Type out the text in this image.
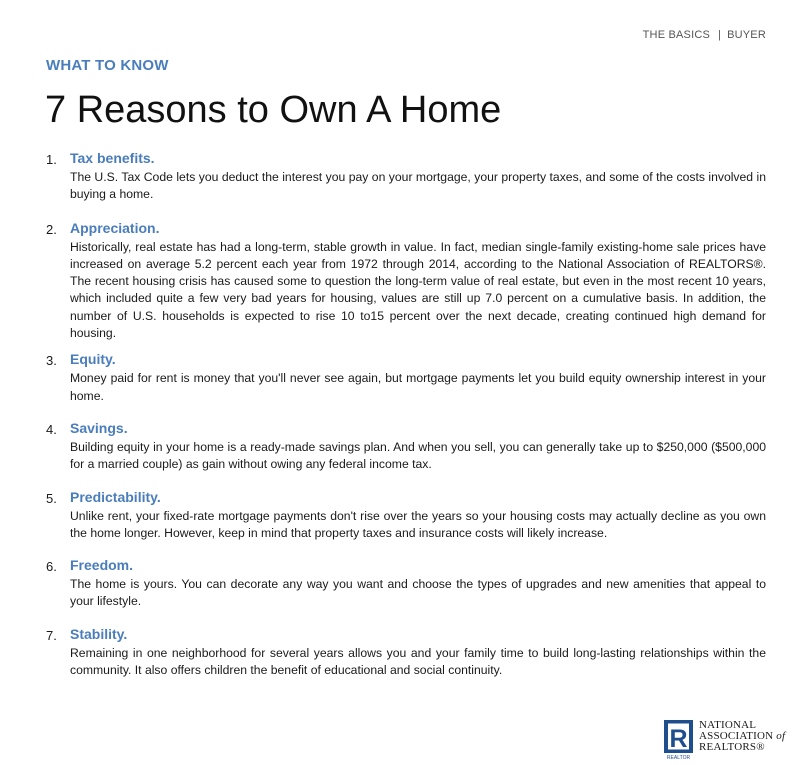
THE BASICS | BUYER
WHAT TO KNOW
7 Reasons to Own A Home
1. Tax benefits.

The U.S. Tax Code lets you deduct the interest you pay on your mortgage, your property taxes, and some of the costs involved in buying a home.

2. Appreciation.

Historically, real estate has had a long-term, stable growth in value. In fact, median single-family existing-home sale prices have increased on average 5.2 percent each year from 1972 through 2014, according to the National Association of REALTORS®. The recent housing crisis has caused some to question the long-term value of real estate, but even in the most recent 10 years, which included quite a few very bad years for housing, values are still up 7.0 percent on a cumulative basis. In addition, the number of U.S. households is expected to rise 10 to15 percent over the next decade, creating continued high demand for housing.

3. Equity.

Money paid for rent is money that you'll never see again, but mortgage payments let you build equity ownership interest in your home.

4. Savings.

Building equity in your home is a ready-made savings plan. And when you sell, you can generally take up to $250,000 ($500,000 for a married couple) as gain without owing any federal income tax.

5. Predictability.

Unlike rent, your fixed-rate mortgage payments don't rise over the years so your housing costs may actually decline as you own the home longer. However, keep in mind that property taxes and insurance costs will likely increase.

6. Freedom.

The home is yours. You can decorate any way you want and choose the types of upgrades and new amenities that appeal to your lifestyle.

7. Stability.

Remaining in one neighborhood for several years allows you and your family time to build long-lasting relationships within the community. It also offers children the benefit of educational and social continuity.

R
REALTOR
NATIONAL
ASSOCIATION of
REALTORS®
